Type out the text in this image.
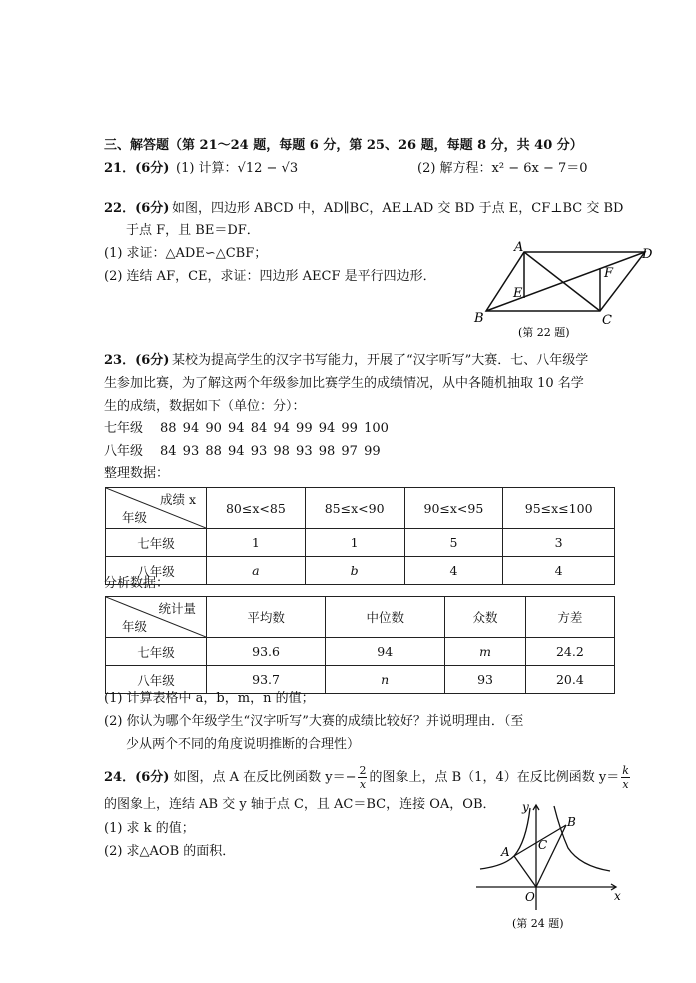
三、解答题（第 21～24 题，每题 6 分，第 25、26 题，每题 8 分，共 40 分）
21．(6分) (1) 计算：√12 − √3	(2) 解方程：x² − 6x − 7＝0
22．(6分) 如图，四边形 ABCD 中，AD∥BC，AE⊥AD 交 BD 于点 E，CF⊥BC 交 BD
于点 F，且 BE＝DF．
(1) 求证：△ADE∽△CBF；
(2) 连结 AF，CE，求证：四边形 AECF 是平行四边形．
A	D
F
E
B	C
(第 22 题)
23．(6分) 某校为提高学生的汉字书写能力，开展了“汉字听写”大赛．七、八年级学
生参加比赛，为了解这两个年级参加比赛学生的成绩情况，从中各随机抽取 10 名学
生的成绩，数据如下（单位：分）：
七年级 88 94 90 94 84 94 99 94 99 100
八年级 84 93 88 94 93 98 93 98 97 99
整理数据：
成绩 x
年级	80≤x<85	85≤x<90	90≤x<95	95≤x≤100
七年级	1	1	5	3
八年级	a	b	4	4
分析数据：
统计量
年级	平均数	中位数	众数	方差
七年级	93.6	94	m	24.2
八年级	93.7	n	93	20.4
(1) 计算表格中 a，b，m，n 的值；
(2) 你认为哪个年级学生“汉字听写”大赛的成绩比较好？并说明理由．（至
少从两个不同的角度说明推断的合理性）
24．(6分) 如图，点 A 在反比例函数 $y=- \frac{2}{x}$ 的图象上，点 B（1，4）在反比例函数 $y= \frac{k}{x}$
的图象上，连结 AB 交 y 轴于点 C，且 AC＝BC，连接 OA，OB．
(1) 求 k 的值；
(2) 求△AOB 的面积．
y
x
B
C
A
O
(第 24 题)
